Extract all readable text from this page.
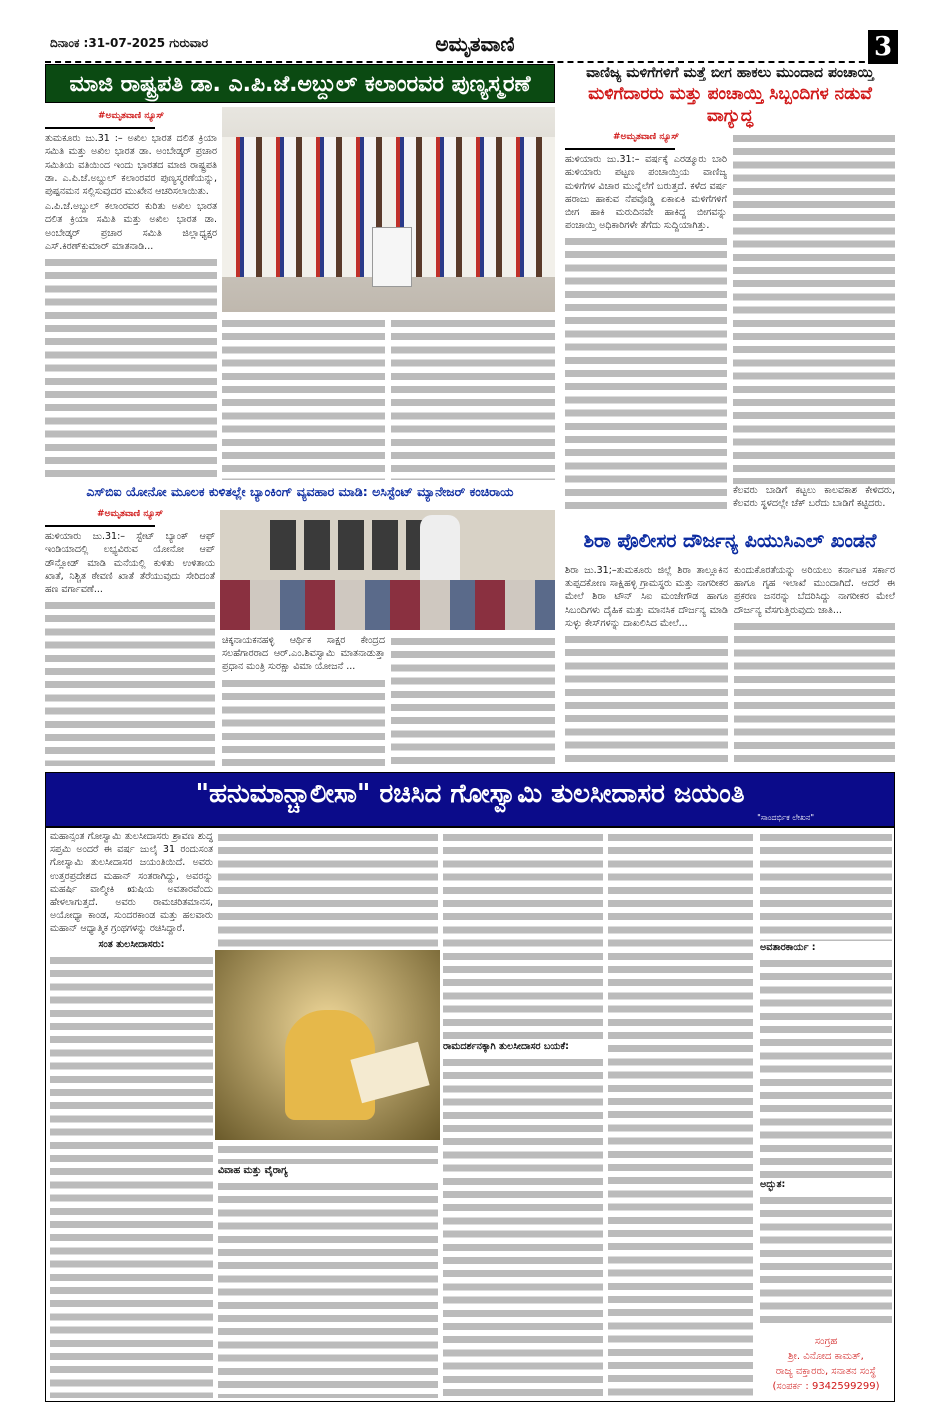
ದಿನಾಂಕ :31-07-2025 ಗುರುವಾರ	ಅಮೃತವಾಣಿ	3
ಮಾಜಿ ರಾಷ್ಟ್ರಪತಿ ಡಾ. ಎ.ಪಿ.ಜೆ.ಅಬ್ದುಲ್ ಕಲಾಂರವರ ಪುಣ್ಯಸ್ಮರಣೆ
#ಅಮೃತವಾಣಿ ನ್ಯೂಸ್

ತುಮಕೂರು ಜು.31 :– ಅಖಿಲ ಭಾರತ ದಲಿತ ಕ್ರಿಯಾ ಸಮಿತಿ ಮತ್ತು ಅಖಿಲ ಭಾರತ ಡಾ. ಅಂಬೇಡ್ಕರ್ ಪ್ರಚಾರ ಸಮಿತಿಯ ವತಿಯಿಂದ ಇಂದು ಭಾರತದ ಮಾಜಿ ರಾಷ್ಟ್ರಪತಿ ಡಾ. ಎ.ಪಿ.ಜೆ.ಅಬ್ದುಲ್ ಕಲಾಂರವರ ಪುಣ್ಯಸ್ಮರಣೆಯನ್ನು, ಪುಷ್ಪನಮನ ಸಲ್ಲಿಸುವುದರ ಮುಖೇನ ಆಚರಿಸಲಾಯಿತು.

ಎ.ಪಿ.ಜೆ.ಅಬ್ದುಲ್ ಕಲಾಂರವರ ಕುರಿತು ಅಖಿಲ ಭಾರತ ದಲಿತ ಕ್ರಿಯಾ ಸಮಿತಿ ಮತ್ತು ಅಖಿಲ ಭಾರತ ಡಾ. ಅಂಬೇಡ್ಕರ್ ಪ್ರಚಾರ ಸಮಿತಿ ಜಿಲ್ಲಾಧ್ಯಕ್ಷರ ಎಸ್.ಕಿರಣ್‌ಕುಮಾರ್ ಮಾತನಾಡಿ...

ವಾಣಿಜ್ಯ ಮಳಿಗೆಗಳಿಗೆ ಮತ್ತೆ ಬೀಗ ಹಾಕಲು ಮುಂದಾದ ಪಂಚಾಯ್ತಿ
ಮಳಿಗೆದಾರರು ಮತ್ತು ಪಂಚಾಯ್ತಿ ಸಿಬ್ಬಂದಿಗಳ ನಡುವೆ ವಾಗ್ಯುದ್ಧ
#ಅಮೃತವಾಣಿ ನ್ಯೂಸ್

ಹುಳಿಯಾರು ಜು.31:– ವರ್ಷಕ್ಕೆ ಎರಡ್ಮೂರು ಬಾರಿ ಹುಳಿಯಾರು ಪಟ್ಟಣ ಪಂಚಾಯ್ತಿಯ ವಾಣಿಜ್ಯ ಮಳಿಗೆಗಳ ವಿಚಾರ ಮುನ್ನೆಲೆಗೆ ಬರುತ್ತದೆ. ಕಳೆದ ವರ್ಷ ಹರಾಜು ಹಾಕುವ ನೆಪವೊಡ್ಡಿ ಏಕಾಏಕಿ ಮಳಿಗೆಗಳಿಗೆ ಬೀಗ ಹಾಕಿ ಮರುದಿನವೇ ಹಾಕಿದ್ದ ಬೀಗವನ್ನು ಪಂಚಾಯ್ತಿ ಅಧಿಕಾರಿಗಳೇ ತೆಗೆದು ಸುದ್ದಿಯಾಗಿತ್ತು.

ಕೆಲವರು ಬಾಡಿಗೆ ಕಟ್ಟಲು ಕಾಲವಕಾಶ ಕೇಳಿದರು, ಕೆಲವರು ಸ್ಥಳದಲ್ಲೇ ಚೆಕ್ ಬರೆದು ಬಾಡಿಗೆ ಕಟ್ಟಿದರು.

ಎಸ್‌ಬಿಐ ಯೋನೋ ಮೂಲಕ ಕುಳಿತಲ್ಲೇ ಬ್ಯಾಂಕಿಂಗ್ ವ್ಯವಹಾರ ಮಾಡಿ: ಅಸಿಸ್ಟೆಂಟ್ ಮ್ಯಾನೇಜರ್ ಕಂಚಿರಾಯ
#ಅಮೃತವಾಣಿ ನ್ಯೂಸ್

ಹುಳಿಯಾರು ಜು.31:– ಸ್ಟೇಟ್ ಬ್ಯಾಂಕ್ ಆಫ್ ಇಂಡಿಯಾದಲ್ಲಿ ಲಭ್ಯವಿರುವ ಯೋನೋ ಆಪ್ ಡೌನ್ಲೋಡ್ ಮಾಡಿ ಮನೆಯಲ್ಲಿ ಕುಳಿತು ಉಳಿತಾಯ ಖಾತೆ, ನಿಶ್ಚಿತ ಠೇವಣಿ ಖಾತೆ ತೆರೆಯುವುದು ಸೇರಿದಂತೆ ಹಣ ವರ್ಗಾವಣೆ...

ಚಿಕ್ಕನಾಯಕನಹಳ್ಳಿ ಆರ್ಥಿಕ ಸಾಕ್ಷರ ಕೇಂದ್ರದ ಸಲಹೆಗಾರರಾದ ಆರ್.ಎಂ.ಶಿವಸ್ವಾಮಿ ಮಾತನಾಡುತ್ತಾ ಪ್ರಧಾನ ಮಂತ್ರಿ ಸುರಕ್ಷಾ ವಿಮಾ ಯೋಜನೆ ...

ಶಿರಾ ಪೊಲೀಸರ ದೌರ್ಜನ್ಯ ಪಿಯುಸಿಎಲ್ ಖಂಡನೆ

ಶಿರಾ ಜು.31;–ತುಮಕೂರು ಜಿಲ್ಲೆ ಶಿರಾ ತಾಲ್ಲೂಕಿನ ತುಪ್ಪದಕೋಣ ಸಾಕ್ಷಿಹಳ್ಳಿ ಗ್ರಾಮಸ್ಥರು ಮತ್ತು ನಾಗರೀಕರ ಮೇಲೆ ಶಿರಾ ಟೌನ್ ಸಿಐ ಮಂಜೇಗೌಡ ಹಾಗೂ ಸಿಬಂದಿಗಳು ದೈಹಿಕ ಮತ್ತು ಮಾನಸಿಕ ದೌರ್ಜನ್ಯ ಮಾಡಿ ಸುಳ್ಳು ಕೇಸ್‌ಗಳನ್ನು ದಾಖಲಿಸಿದ ಮೇಲೆ...

ಕುಂದುಕೊರತೆಯನ್ನು ಅರಿಯಲು ಕರ್ನಾಟಕ ಸರ್ಕಾರ ಹಾಗೂ ಗೃಹ ಇಲಾಖೆ ಮುಂದಾಗಿದೆ. ಆದರೆ ಈ ಪ್ರಕರಣ ಜನರನ್ನು ಬೆದರಿಸಿದ್ದು ನಾಗರೀಕರ ಮೇಲೆ ದೌರ್ಜನ್ಯ ವೆಸಗುತ್ತಿರುವುದು ಜಾತಿ...

"ಹನುಮಾನ್ಚಾಲೀಸಾ" ರಚಿಸಿದ ಗೋಸ್ವಾಮಿ ತುಲಸೀದಾಸರ ಜಯಂತಿ
"ಸಾಂದರ್ಭಿಕ ಲೇಖನ"

ಮಹಾನ್ಸಂತ ಗೋಸ್ವಾಮಿ ತುಲಸೀದಾಸರು ಶ್ರಾವಣ ಶುದ್ಧ ಸಪ್ತಮಿ ಅಂದರೆ ಈ ವರ್ಷ ಜುಲೈ 31 ರಂದುಸಂತ ಗೋಸ್ವಾಮಿ ತುಲಸೀದಾಸರ ಜಯಂತಿಯಿದೆ. ಅವರು ಉತ್ತರಪ್ರದೇಶದ ಮಹಾನ್ ಸಂತರಾಗಿದ್ದು, ಅವರನ್ನು ಮಹರ್ಷಿ ವಾಲ್ಮೀಕಿ ಋಷಿಯ ಅವತಾರವೆಂದು ಹೇಳಲಾಗುತ್ತದೆ. ಅವರು ರಾಮಚರಿತಮಾನಸ, ಅಯೋಧ್ಯಾ ಕಾಂಡ, ಸುಂದರಕಾಂಡ ಮತ್ತು ಹಲವಾರು ಮಹಾನ್ ಆಧ್ಯಾತ್ಮಿಕ ಗ್ರಂಥಗಳನ್ನು ರಚಿಸಿದ್ದಾರೆ.

ಸಂತ ತುಲಸೀದಾಸರು:

ವಿವಾಹ ಮತ್ತು ವೈರಾಗ್ಯ

ರಾಮದರ್ಶನಕ್ಕಾಗಿ ತುಲಸೀದಾಸರ ಬಯಕೆ:

ಅವತಾರಕಾರ್ಯ :

ಅದ್ಭುತ:

ಸಂಗ್ರಹ
ಶ್ರೀ. ವಿನೋದ ಕಾಮತ್,
ರಾಜ್ಯ ವಕ್ತಾರರು, ಸನಾತನ ಸಂಸ್ಥೆ
(ಸಂಪರ್ಕ : 9342599299)
